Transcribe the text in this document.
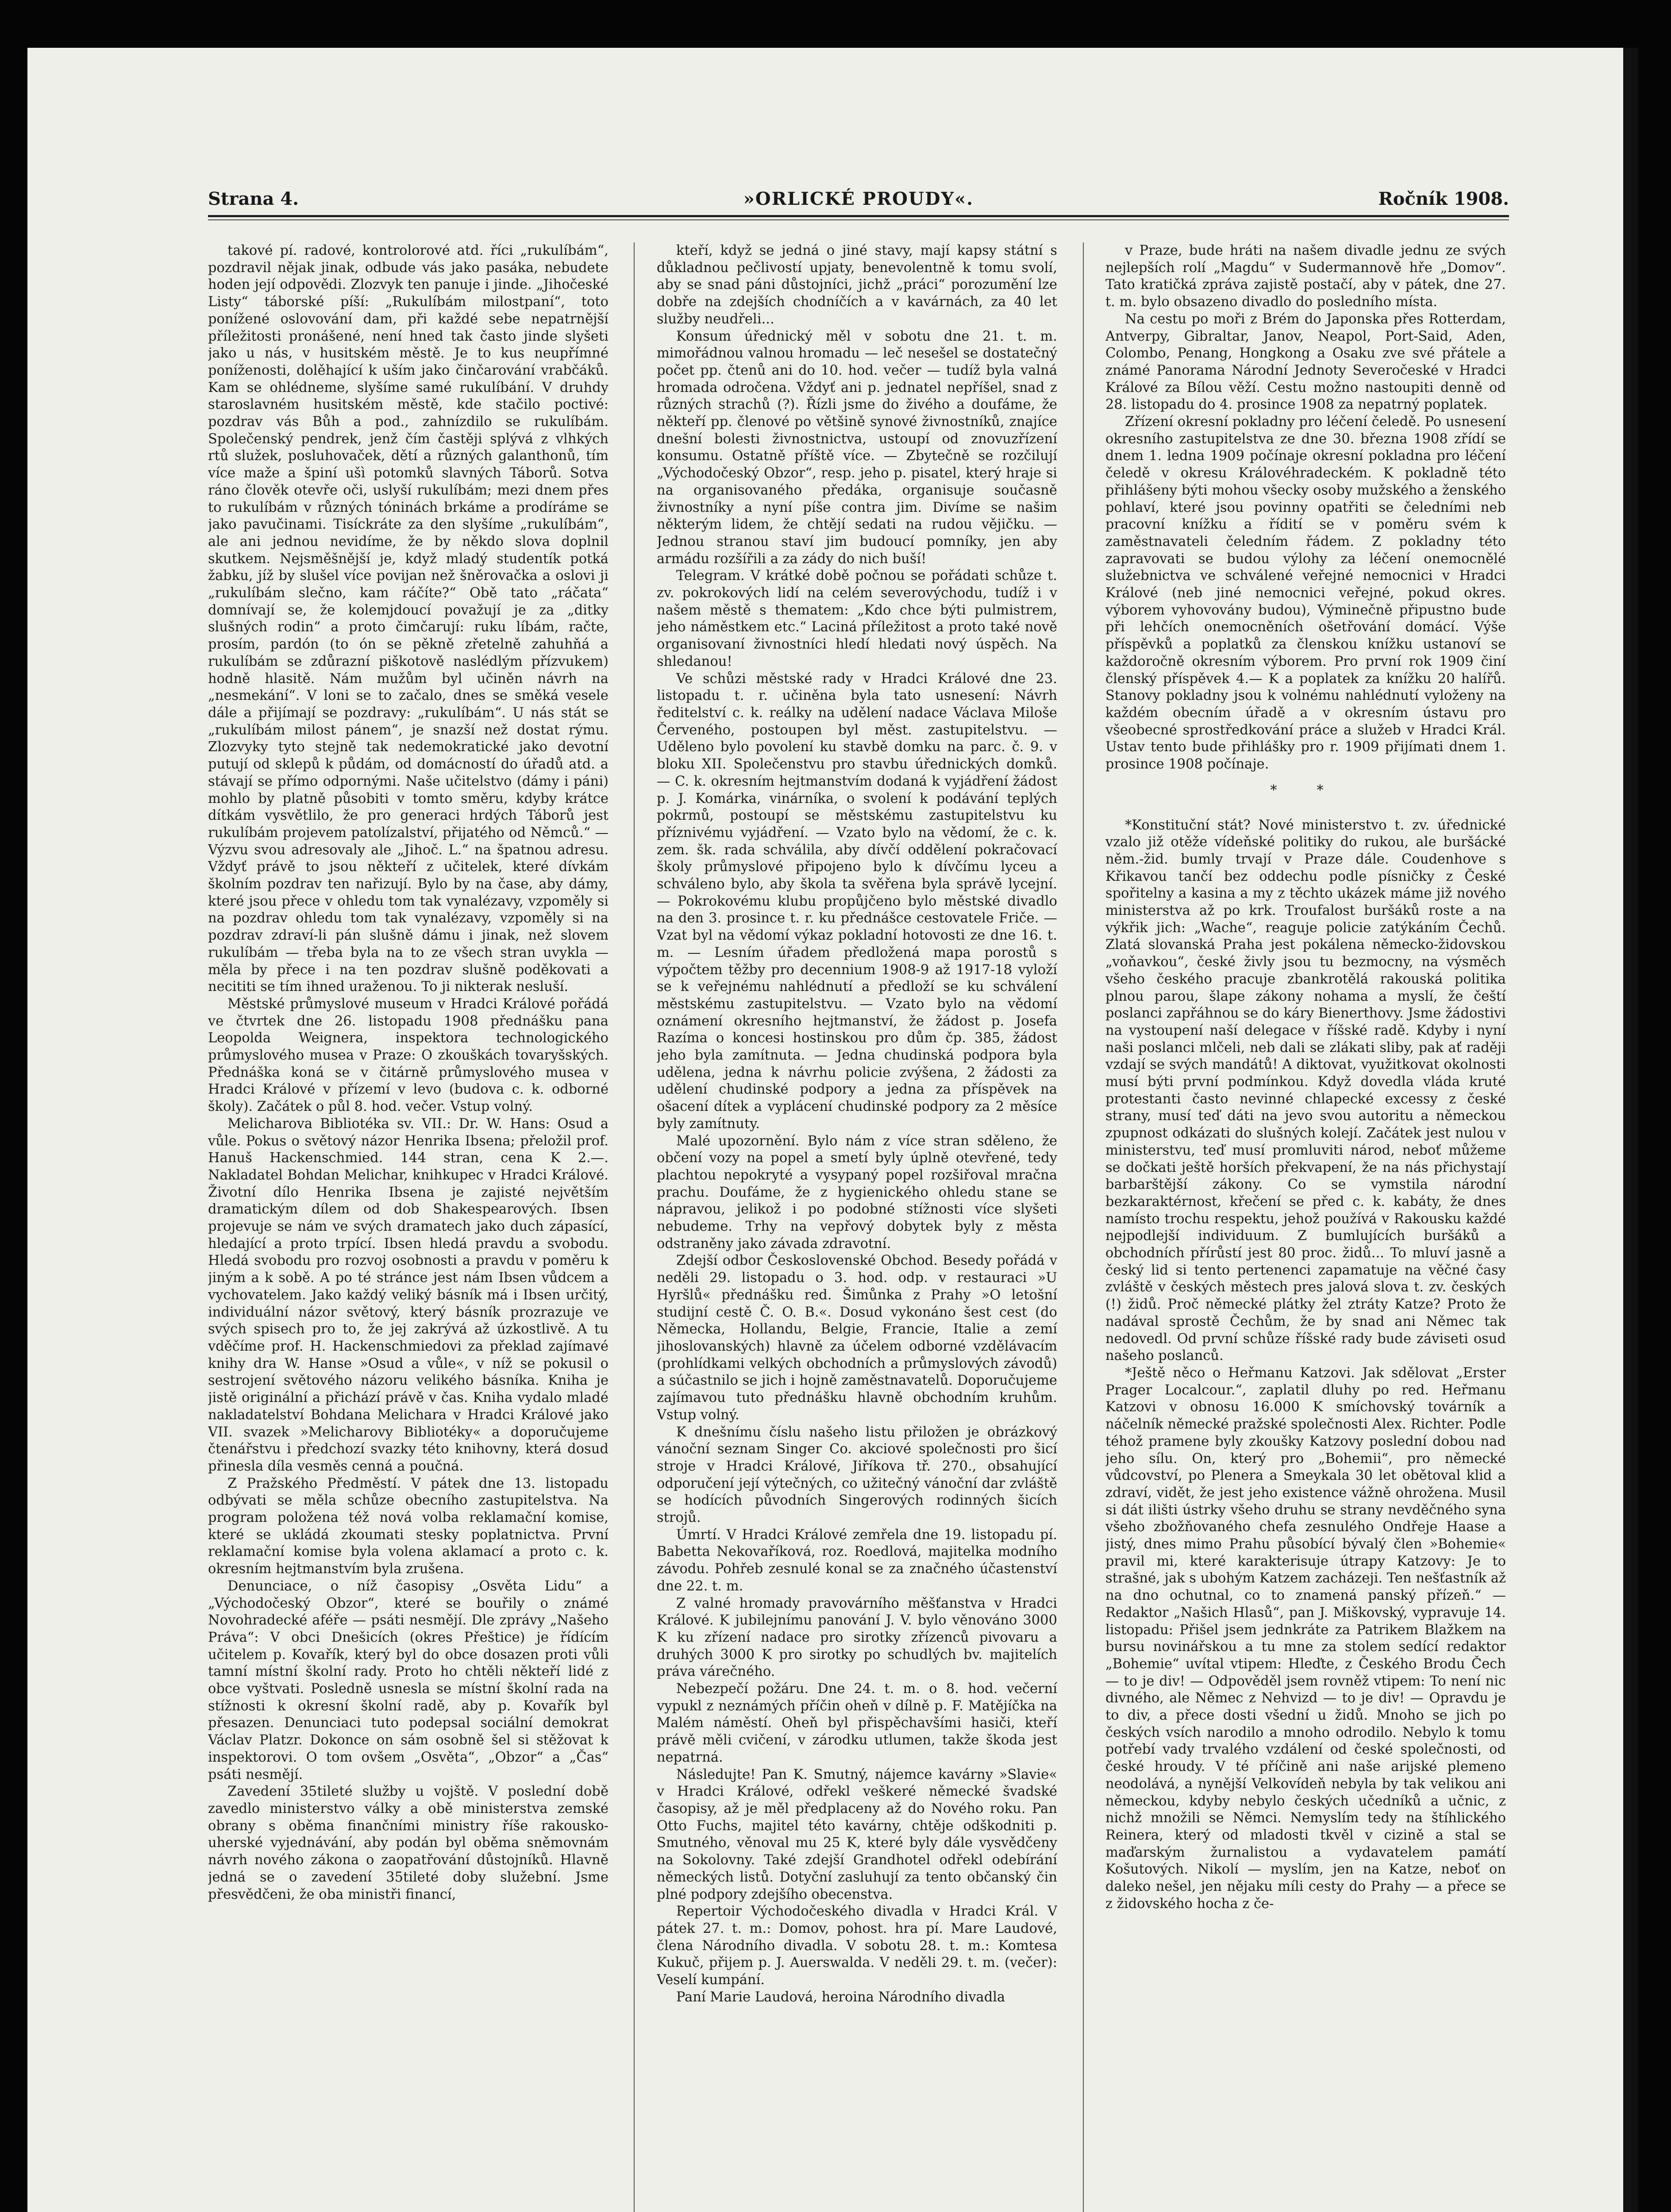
Strana 4.	»ORLICKÉ PROUDY«.	Ročník 1908.

takové pí. radové, kontrolorové atd. říci „rukulíbám“, pozdravil nějak jinak, odbude vás jako pasáka, nebudete hoden její odpovědi. Zlozvyk ten panuje i jinde. „Jihočeské Listy“ táborské píší: „Rukulíbám milostpaní“, toto ponížené oslovování dam, při každé sebe nepatrnější příležitosti pronášené, není hned tak často jinde slyšeti jako u nás, v husitském městě. Je to kus neupřímné poníženosti, dolěhající k uším jako činčarování vrabčáků. Kam se ohlédneme, slyšíme samé rukulíbání. V druhdy staroslavném husitském městě, kde stačilo poctivé: pozdrav vás Bůh a pod., zahnízdilo se rukulíbám. Společenský pendrek, jenž čím častěji splývá z vlhkých rtů služek, posluhovaček, dětí a různých galanthonů, tím více maže a špiní ušì potomků slavných Táborů. Sotva ráno člověk otevře oči, uslyší rukulíbám; mezi dnem přes to rukulíbám v různých tóninách brkáme a prodíráme se jako pavučinami. Tisíckráte za den slyšíme „rukulíbám“, ale ani jednou nevidíme, že by někdo slova doplnil skutkem. Nejsměšnější je, když mladý studentík potká žabku, jíž by slušel více povijan než šněrovačka a oslovi ji „rukulíbám slečno, kam ráčíte?“ Obě tato „ráčata“ domnívají se, že kolemjdoucí považují je za „ditky slušných rodin“ a proto čimčarují: ruku líbám, račte, prosím, pardón (to ón se pěkně zřetelně zahuhňá a rukulíbám se zdůrazní piškotově naslédlým přízvukem) hodně hlasitě. Nám mužům byl učiněn návrh na „nesmekání“. V loni se to začalo, dnes se směká vesele dále a přijímají se pozdravy: „rukulíbám“. U nás stát se „rukulíbám milost pánem“, je snazší než dostat rýmu. Zlozvyky tyto stejně tak nedemokratické jako devotní putují od sklepů k půdám, od domácností do úřadů atd. a stávají se přímo odpornými. Naše učitelstvo (dámy i páni) mohlo by platně působiti v tomto směru, kdyby krátce dítkám vysvětlilo, že pro generaci hrdých Táborů jest rukulíbám projevem patolízalství, přijatého od Němců.“ — Výzvu svou adresovaly ale „Jihoč. L.“ na špatnou adresu. Vždyť právě to jsou někteří z učitelek, které dívkám školním pozdrav ten nařizují. Bylo by na čase, aby dámy, které jsou přece v ohledu tom tak vynalézavy, vzpoměly si na pozdrav ohledu tom tak vynalézavy, vzpoměly si na pozdrav zdraví-li pán slušně dámu i jinak, než slovem rukulíbám — třeba byla na to ze všech stran uvykla — měla by přece i na ten pozdrav slušně poděkovati a necititi se tím ihned uraženou. To ji nikterak nesluší.

Městské průmyslové museum v Hradci Králové pořádá ve čtvrtek dne 26. listopadu 1908 přednášku pana Leopolda Weignera, inspektora technologického průmyslového musea v Praze: O zkouškách tovaryšských. Přednáška koná se v čitárně průmyslového musea v Hradci Králové v přízemí v levo (budova c. k. odborné školy). Začátek o půl 8. hod. večer. Vstup volný.

Melicharova Bibliotéka sv. VII.: Dr. W. Hans: Osud a vůle. Pokus o světový názor Henrika Ibsena; přeložil prof. Hanuš Hackenschmied. 144 stran, cena K 2.—. Nakladatel Bohdan Melichar, knihkupec v Hradci Králové. Životní dílo Henrika Ibsena je zajisté největším dramatickým dílem od dob Shakespearových. Ibsen projevuje se nám ve svých dramatech jako duch zápasící, hledající a proto trpící. Ibsen hledá pravdu a svobodu. Hledá svobodu pro rozvoj osobnosti a pravdu v poměru k jiným a k sobě. A po té stránce jest nám Ibsen vůdcem a vychovatelem. Jako každý veliký básník má i Ibsen určitý, individuální názor světový, který básník prozrazuje ve svých spisech pro to, že jej zakrývá až úzkostlivě. A tu vděčíme prof. H. Hackenschmiedovi za překlad zajímavé knihy dra W. Hanse »Osud a vůle«, v níž se pokusil o sestrojení světového názoru velikého básníka. Kniha je jistě originální a přichází právě v čas. Kniha vydalo mladé nakladatelství Bohdana Melichara v Hradci Králové jako VII. svazek »Melicharovy Bibliotéky« a doporučujeme čtenářstvu i předchozí svazky této knihovny, která dosud přinesla díla vesměs cenná a poučná.

Z Pražského Předměstí. V pátek dne 13. listopadu odbývati se měla schůze obecního zastupitelstva. Na program položena též nová volba reklamační komise, které se ukládá zkoumati stesky poplatnictva. První reklamační komise byla volena aklamací a proto c. k. okresním hejtmanstvím byla zrušena.

Denunciace, o níž časopisy „Osvěta Lidu“ a „Východočeský Obzor“, které se bouřily o známé Novohradecké aféře — psáti nesmějí. Dle zprávy „Našeho Práva“: V obci Dnešicích (okres Přeštice) je řídícím učitelem p. Kovařík, který byl do obce dosazen proti vůli tamní místní školní rady. Proto ho chtěli někteří lidé z obce vyštvati. Posledně usnesla se místní školní rada na stížnosti k okresní školní radě, aby p. Kovařík byl přesazen. Denunciaci tuto podepsal sociální demokrat Václav Platzr. Dokonce on sám osobně šel si stěžovat k inspektorovi. O tom ovšem „Osvěta“, „Obzor“ a „Čas“ psáti nesmějí.

Zavedení 35tileté služby u vojště. V poslední době zavedlo ministerstvo války a obě ministerstva zemské obrany s oběma finančními ministry říše rakousko-uherské vyjednávání, aby podán byl oběma sněmovnám návrh nového zákona o zaopatřování důstojníků. Hlavně jedná se o zavedení 35tileté doby služební. Jsme přesvědčeni, že oba ministři financí,

kteří, když se jedná o jiné stavy, mají kapsy státní s důkladnou pečlivostí upjaty, benevolentně k tomu svolí, aby se snad páni důstojníci, jichž „práci“ porozumění lze dobře na zdejších chodníčích a v kavárnách, za 40 let služby neudřeli...

Konsum úřednický měl v sobotu dne 21. t. m. mimořádnou valnou hromadu — leč nesešel se dostatečný počet pp. čtenů ani do 10. hod. večer — tudíž byla valná hromada odročena. Vždyť ani p. jednatel nepříšel, snad z různých strachů (?). Řízli jsme do živého a doufáme, že někteří pp. členové po většině synové živnostníků, znajíce dnešní bolesti živnostnictva, ustoupí od znovuzřízení konsumu. Ostatně příště více. — Zbytečně se rozčilují „Východočeský Obzor“, resp. jeho p. pisatel, který hraje si na organisovaného předáka, organisuje současně živnostníky a nyní píše contra jim. Divíme se našim některým lidem, že chtějí sedati na rudou vějičku. — Jednou stranou staví jim budoucí pomníky, jen aby armádu rozšířili a za zády do nich buší!

Telegram. V krátké době počnou se pořádati schůze t. zv. pokrokových lidí na celém severovýchodu, tudíž i v našem městě s thematem: „Kdo chce býti pulmistrem, jeho náměstkem etc.“ Laciná příležitost a proto také nově organisovaní živnostníci hledí hledati nový úspěch. Na shledanou!

Ve schůzi městské rady v Hradci Králové dne 23. listopadu t. r. učiněna byla tato usnesení: Návrh ředitelství c. k. reálky na udělení nadace Václava Miloše Červeného, postoupen byl měst. zastupitelstvu. — Uděleno bylo povolení ku stavbě domku na parc. č. 9. v bloku XII. Společenstvu pro stavbu úřednických domků. — C. k. okresním hejtmanstvím dodaná k vyjádření žádost p. J. Komárka, vinárníka, o svolení k podávání teplých pokrmů, postoupí se městskému zastupitelstvu ku příznivému vyjádření. — Vzato bylo na vědomí, že c. k. zem. šk. rada schválila, aby dívčí oddělení pokračovací školy průmyslové připojeno bylo k dívčímu lyceu a schváleno bylo, aby škola ta svěřena byla správě lycejní. — Pokrokovému klubu propůjčeno bylo městské divadlo na den 3. prosince t. r. ku přednášce cestovatele Friče. — Vzat byl na vědomí výkaz pokladní hotovosti ze dne 16. t. m. — Lesním úřadem předložená mapa porostů s výpočtem těžby pro decennium 1908-9 až 1917-18 vyloží se k veřejnému nahlédnutí a předloží se ku schválení městskému zastupitelstvu. — Vzato bylo na vědomí oznámení okresního hejtmanství, že žádost p. Josefa Razíma o koncesi hostinskou pro dům čp. 385, žádost jeho byla zamítnuta. — Jedna chudinská podpora byla udělena, jedna k návrhu policie zvýšena, 2 žádosti za udělení chudinské podpory a jedna za příspěvek na ošacení dítek a vyplácení chudinské podpory za 2 měsíce byly zamítnuty.

Malé upozornění. Bylo nám z více stran sděleno, že občení vozy na popel a smetí byly úplně otevřené, tedy plachtou nepokryté a vysypaný popel rozšiřoval mračna prachu. Doufáme, že z hygienického ohledu stane se nápravou, jelikož i po podobné stížnosti více slyšeti nebudeme. Trhy na vepřový dobytek byly z města odstraněny jako závada zdravotní.

Zdejší odbor Československé Obchod. Besedy pořádá v neděli 29. listopadu o 3. hod. odp. v restauraci »U Hyršlů« přednášku red. Šimůnka z Prahy »O letošní studijní cestě Č. O. B.«. Dosud vykonáno šest cest (do Německa, Hollandu, Belgie, Francie, Italie a zemí jihoslovanských) hlavně za účelem odborné vzdělávacím (prohlídkami velkých obchodních a průmyslových závodů) a súčastnilo se jich i hojně zaměstnavatelů. Doporučujeme zajímavou tuto přednášku hlavně obchodním kruhům. Vstup volný.

K dnešnímu číslu našeho listu přiložen je obrázkový vánoční seznam Singer Co. akciové společnosti pro šicí stroje v Hradci Králové, Jiříkova tř. 270., obsahující odporučení její výtečných, co užitečný vánoční dar zvláště se hodících původních Singerových rodinných šicích strojů.

Úmrtí. V Hradci Králové zemřela dne 19. listopadu pí. Babetta Nekovaříková, roz. Roedlová, majitelka modního závodu. Pohřeb zesnulé konal se za značného účastenství dne 22. t. m.

Z valné hromady pravovárního měšťanstva v Hradci Králové. K jubilejnímu panování J. V. bylo věnováno 3000 K ku zřízení nadace pro sirotky zřízenců pivovaru a druhých 3000 K pro sirotky po schudlých bv. majitelích práva várečného.

Nebezpečí požáru. Dne 24. t. m. o 8. hod. večerní vypukl z neznámých příčin oheň v dílně p. F. Matějíčka na Malém náměstí. Oheň byl přispěchavšími hasiči, kteří právě měli cvičení, v zárodku utlumen, takže škoda jest nepatrná.

Následujte! Pan K. Smutný, nájemce kavárny »Slavie« v Hradci Králové, odřekl veškeré německé švadské časopisy, až je měl předplaceny až do Nového roku. Pan Otto Fuchs, majitel této kavárny, chtěje odškodniti p. Smutného, věnoval mu 25 K, které byly dále vysvědčeny na Sokolovny. Také zdejší Grandhotel odřekl odebírání německých listů. Dotyční zasluhují za tento občanský čin plné podpory zdejšího obecenstva.

Repertoir Východočeského divadla v Hradci Král. V pátek 27. t. m.: Domov, pohost. hra pí. Mare Laudové, člena Národního divadla. V sobotu 28. t. m.: Komtesa Kukuč, přijem p. J. Auerswalda. V neděli 29. t. m. (večer): Veselí kumpání.

Paní Marie Laudová, heroina Národního divadla

v Praze, bude hráti na našem divadle jednu ze svých nejlepších rolí „Magdu“ v Sudermannově hře „Domov“. Tato kratičká zpráva zajistě postačí, aby v pátek, dne 27. t. m. bylo obsazeno divadlo do posledního místa.

Na cestu po moři z Brém do Japonska přes Rotterdam, Antverpy, Gibraltar, Janov, Neapol, Port-Said, Aden, Colombo, Penang, Hongkong a Osaku zve své přátele a známé Panorama Národní Jednoty Severočeské v Hradci Králové za Bílou věží. Cestu možno nastoupiti denně od 28. listopadu do 4. prosince 1908 za nepatrný poplatek.

Zřízení okresní pokladny pro léčení čeledě. Po usnesení okresního zastupitelstva ze dne 30. března 1908 zřídí se dnem 1. ledna 1909 počínaje okresní pokladna pro léčení čeledě v okresu Královéhradeckém. K pokladně této přihlášeny býti mohou všecky osoby mužského a ženského pohlaví, které jsou povinny opatřiti se čeledními neb pracovní knížku a řídití se v poměru svém k zaměstnavateli čeledním řádem. Z pokladny této zapravovati se budou výlohy za léčení onemocnělé služebnictva ve schválené veřejné nemocnici v Hradci Králové (neb jiné nemocnici veřejné, pokud okres. výborem vyhovovány budou), Výminečně připustno bude při lehčích onemocněních ošetřování domácí. Výše příspěvků a poplatků za členskou knížku ustanoví se každoročně okresním výborem. Pro první rok 1909 činí členský příspěvek 4.— K a poplatek za knížku 20 halířů. Stanovy pokladny jsou k volnému nahlédnutí vyloženy na každém obecním úřadě a v okresním ústavu pro všeobecné sprostředkování práce a služeb v Hradci Král. Ustav tento bude přihlášky pro r. 1909 přijímati dnem 1. prosince 1908 počínaje.

* *

*Konstituční stát? Nové ministerstvo t. zv. úřednické vzalo již otěže vídeňské politiky do rukou, ale buršácké něm.-žid. bumly trvají v Praze dále. Coudenhove s Křikavou tančí bez oddechu podle písničky z České spořitelny a kasina a my z těchto ukázek máme již nového ministerstva až po krk. Troufalost buršáků roste a na výkřik jich: „Wache“, reaguje policie zatýkáním Čechů. Zlatá slovanská Praha jest pokálena německo-židovskou „voňavkou“, české živly jsou tu bezmocny, na výsměch všeho českého pracuje zbankrotělá rakouská politika plnou parou, šlape zákony nohama a myslí, že čeští poslanci zapřáhnou se do káry Bienerthovy. Jsme žádostivi na vystoupení naší delegace v říšské radě. Kdyby i nyní naši poslanci mlčeli, neb dali se zlákati sliby, pak ať raději vzdají se svých mandátů! A diktovat, využitkovat okolnosti musí býti první podmínkou. Když dovedla vláda kruté protestanti často nevinné chlapecké excessy z české strany, musí teď dáti na jevo svou autoritu a německou zpupnost odkázati do slušných kolejí. Začátek jest nulou v ministerstvu, teď musí promluviti národ, neboť můžeme se dočkati ještě horších překvapení, že na nás přichystají barbarštější zákony. Co se vymstila národní bezkaraktérnost, křečení se před c. k. kabáty, že dnes namísto trochu respektu, jehož používá v Rakousku každé nejpodlejší individuum. Z bumlujících buršáků a obchodních přírůstí jest 80 proc. židů... To mluví jasně a český lid si tento pertenenci zapamatuje na věčné časy zvláště v českých městech pres jalová slova t. zv. českých (!) židů. Proč německé plátky žel ztráty Katze? Proto že nadával sprostě Čechům, že by snad ani Němec tak nedovedl. Od první schůze říšské rady bude záviseti osud našeho poslanců.

*Ještě něco o Heřmanu Katzovi. Jak sdělovat „Erster Prager Localcour.“, zaplatil dluhy po red. Heřmanu Katzovi v obnosu 16.000 K smíchovský továrník a náčelník německé pražské společnosti Alex. Richter. Podle téhož pramene byly zkoušky Katzovy poslední dobou nad jeho sílu. On, který pro „Bohemii“, pro německé vůdcovství, po Plenera a Smeykala 30 let obětoval klid a zdraví, vidět, že jest jeho existence vážně ohrožena. Musil si dát ilišti ústrky všeho druhu se strany nevděčného syna všeho zbožňovaného chefa zesnulého Ondřeje Haase a jistý, dnes mimo Prahu působící bývalý člen »Bohemie« pravil mi, které karakterisuje útrapy Katzovy: Je to strašné, jak s ubohým Katzem zacházeji. Ten nešťastník až na dno ochutnal, co to znamená panský přízeň.“ — Redaktor „Našich Hlasů“, pan J. Miškovský, vypravuje 14. listopadu: Přišel jsem jednkráte za Patrikem Blažkem na bursu novinářskou a tu mne za stolem sedící redaktor „Bohemie“ uvítal vtipem: Hleďte, z Českého Brodu Čech — to je div! — Odpověděl jsem rovněž vtipem: To není nic divného, ale Němec z Nehvizd — to je div! — Opravdu je to div, a přece dosti všední u židů. Mnoho se jich po českých vsích narodilo a mnoho odrodilo. Nebylo k tomu potřebí vady trvalého vzdálení od české společnosti, od české hroudy. V té příčině ani naše arijské plemeno neodolává, a nynější Velkovídeň nebyla by tak velikou ani německou, kdyby nebylo českých učedníků a učnic, z nichž množili se Němci. Nemyslím tedy na štíhlického Reinera, který od mladosti tkvěl v cizině a stal se maďarským žurnalistou a vydavatelem památí Košutových. Nikolí — myslím, jen na Katze, neboť on daleko nešel, jen nějaku míli cesty do Prahy — a přece se z židovského hocha z če-
